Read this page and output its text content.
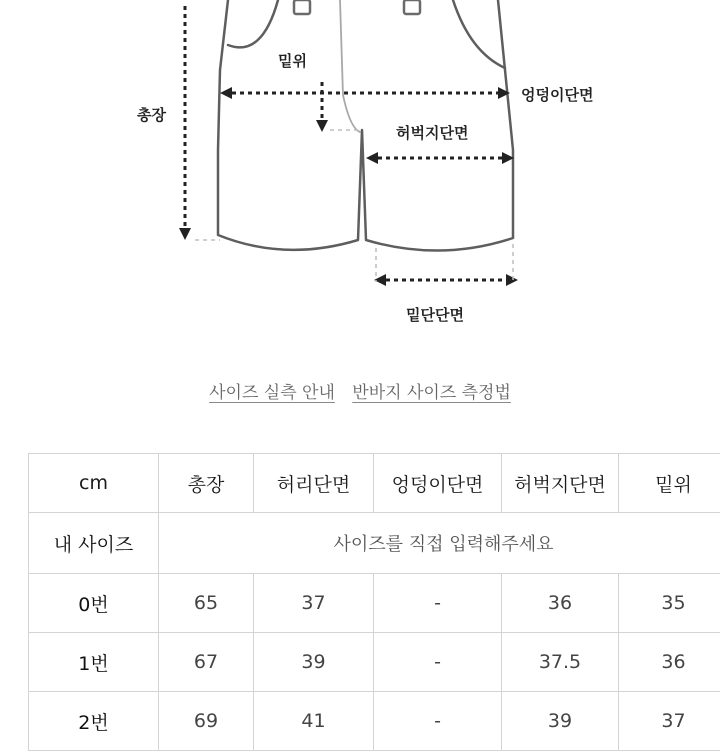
총장
밑위
엉덩이단면
허벅지단면
밑단단면
사이즈 실측 안내 반바지 사이즈 측정법
cm	총장	허리단면	엉덩이단면	허벅지단면	밑위
내 사이즈	사이즈를 직접 입력해주세요				
0번	65	37	-	36	35
1번	67	39	-	37.5	36
2번	69	41	-	39	37
